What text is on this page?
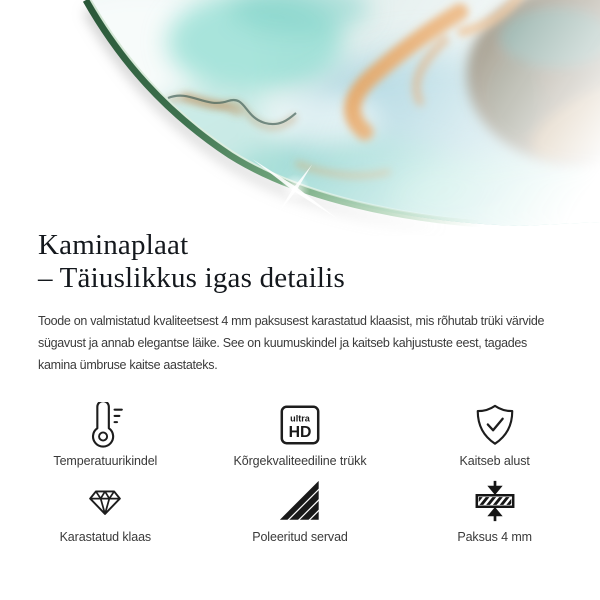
Kaminaplaat
– Täiuslikkus igas detailis

Toode on valmistatud kvaliteetsest 4 mm paksusest karastatud klaasist, mis rõhutab trüki värvide
sügavust ja annab elegantse läike. See on kuumuskindel ja kaitseb kahjustuste eest, tagades
kamina ümbruse kaitse aastateks.

Temperatuurikindel
ultra
HD
Kõrgekvaliteediline trükk	Kaitseb alust
Karastatud klaas	Poleeritud servad	Paksus 4 mm
